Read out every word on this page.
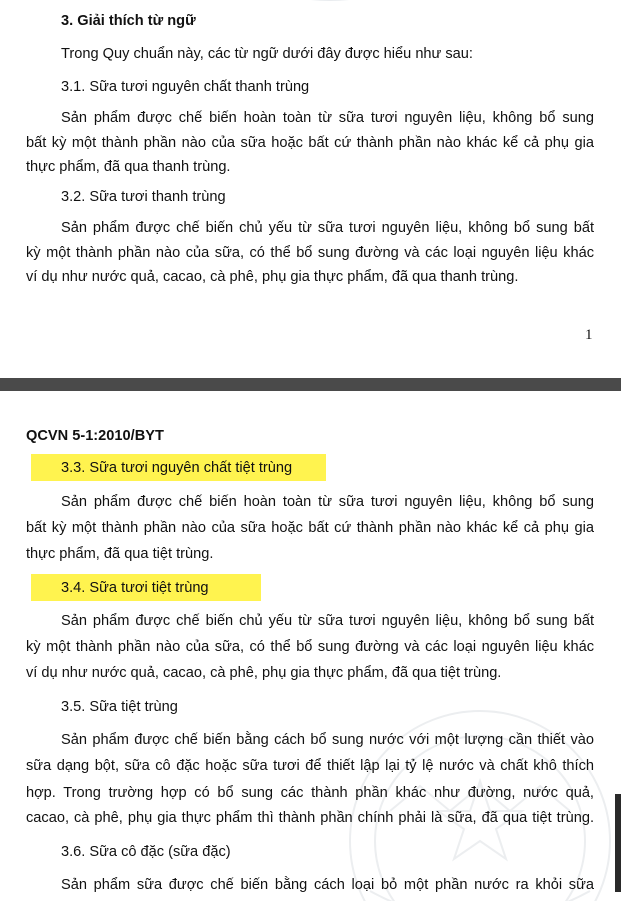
3. Giải thích từ ngữ
Trong Quy chuẩn này, các từ ngữ dưới đây được hiểu như sau:
3.1. Sữa tươi nguyên chất thanh trùng
Sản phẩm được chế biến hoàn toàn từ sữa tươi nguyên liệu, không bổ sung
bất kỳ một thành phần nào của sữa hoặc bất cứ thành phần nào khác kể cả phụ gia
thực phẩm, đã qua thanh trùng.
3.2. Sữa tươi thanh trùng
Sản phẩm được chế biến chủ yếu từ sữa tươi nguyên liệu, không bổ sung bất
kỳ một thành phần nào của sữa, có thể bổ sung đường và các loại nguyên liệu khác
ví dụ như nước quả, cacao, cà phê, phụ gia thực phẩm, đã qua thanh trùng.
1
QCVN 5-1:2010/BYT
3.3. Sữa tươi nguyên chất tiệt trùng
Sản phẩm được chế biến hoàn toàn từ sữa tươi nguyên liệu, không bổ sung
bất kỳ một thành phần nào của sữa hoặc bất cứ thành phần nào khác kể cả phụ gia
thực phẩm, đã qua tiệt trùng.
3.4. Sữa tươi tiệt trùng
Sản phẩm được chế biến chủ yếu từ sữa tươi nguyên liệu, không bổ sung bất
kỳ một thành phần nào của sữa, có thể bổ sung đường và các loại nguyên liệu khác
ví dụ như nước quả, cacao, cà phê, phụ gia thực phẩm, đã qua tiệt trùng.
3.5. Sữa tiệt trùng
Sản phẩm được chế biến bằng cách bổ sung nước với một lượng cần thiết vào
sữa dạng bột, sữa cô đặc hoặc sữa tươi để thiết lập lại tỷ lệ nước và chất khô thích
hợp. Trong trường hợp có bổ sung các thành phần khác như đường, nước quả,
cacao, cà phê, phụ gia thực phẩm thì thành phần chính phải là sữa, đã qua tiệt trùng.
3.6. Sữa cô đặc (sữa đặc)
Sản phẩm sữa được chế biến bằng cách loại bỏ một phần nước ra khỏi sữa
